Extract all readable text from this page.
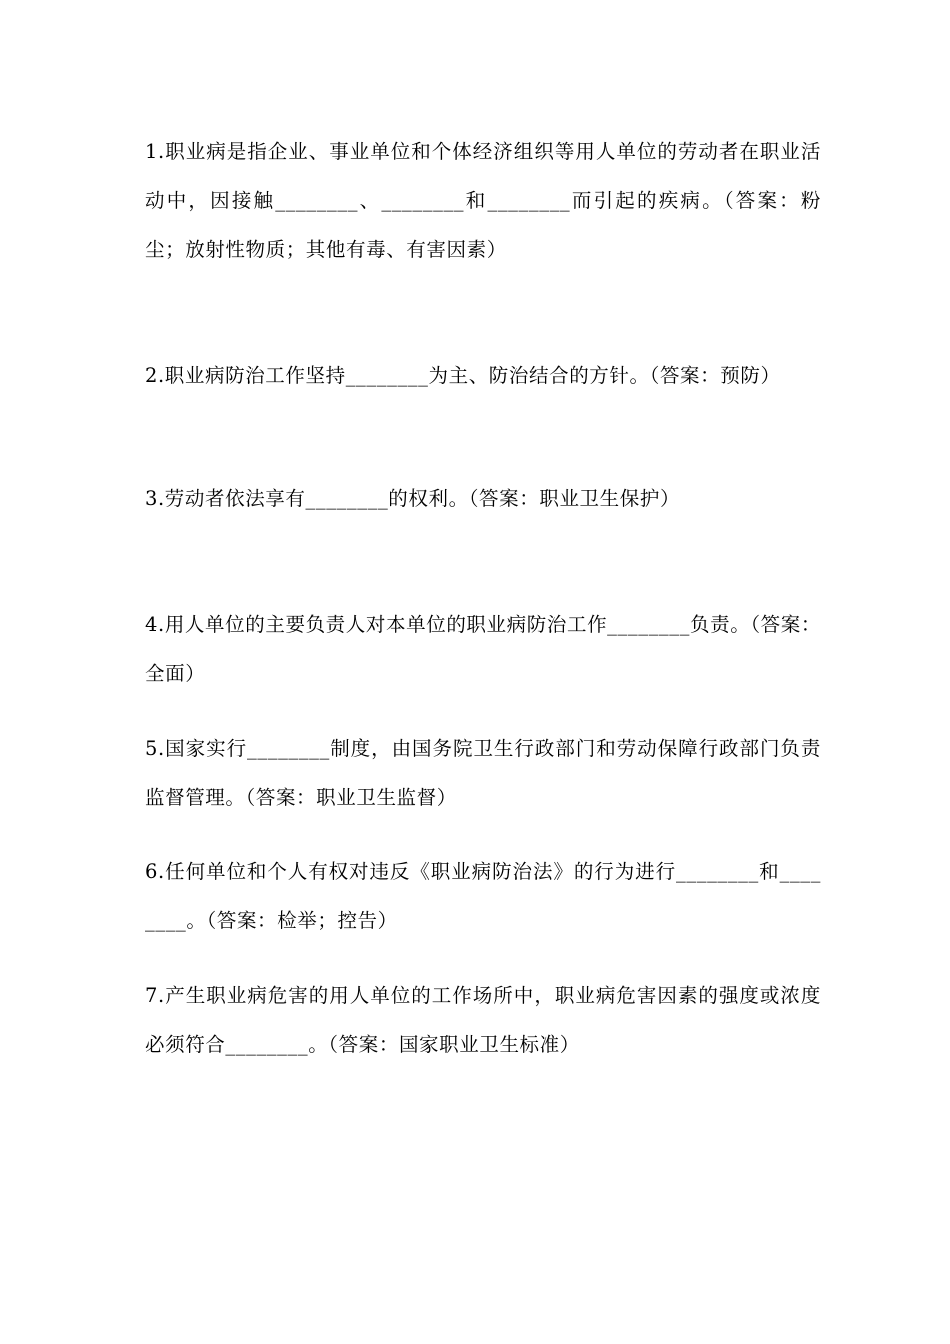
1.职业病是指企业、事业单位和个体经济组织等用人单位的劳动者在职业活动中，因接触________、________和________而引起的疾病。（答案：粉尘；放射性物质；其他有毒、有害因素）

2.职业病防治工作坚持________为主、防治结合的方针。（答案：预防）

3.劳动者依法享有________的权利。（答案：职业卫生保护）

4.用人单位的主要负责人对本单位的职业病防治工作________负责。（答案：全面）

5.国家实行________制度，由国务院卫生行政部门和劳动保障行政部门负责监督管理。（答案：职业卫生监督）

6.任何单位和个人有权对违反《职业病防治法》的行为进行________和________。（答案：检举；控告）

7.产生职业病危害的用人单位的工作场所中，职业病危害因素的强度或浓度必须符合________。（答案：国家职业卫生标准）
